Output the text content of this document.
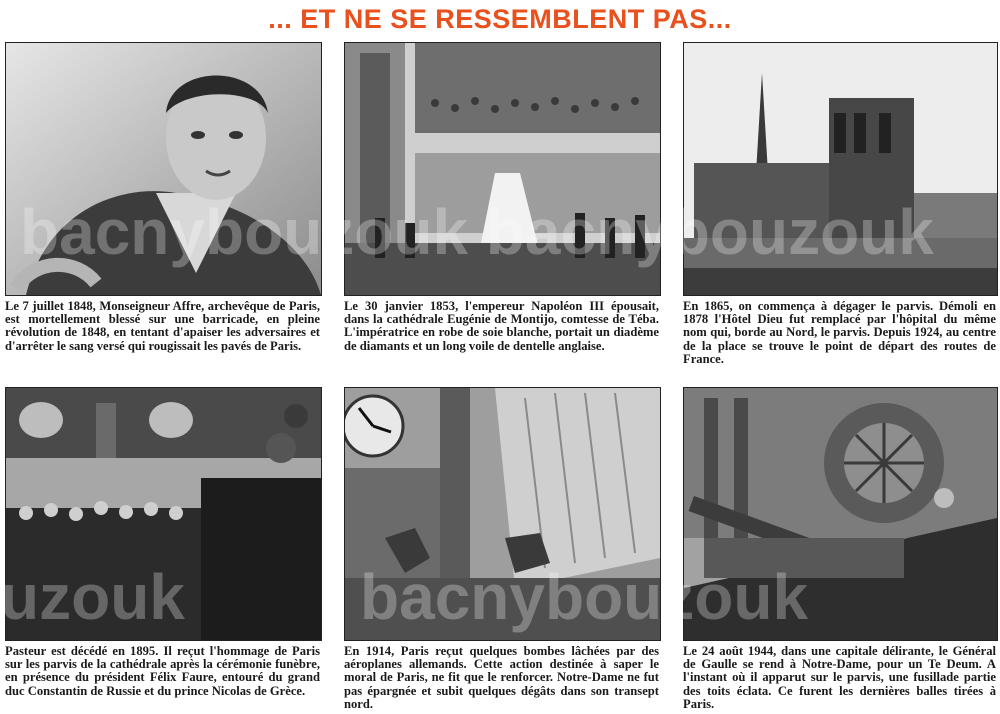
... ET NE SE RESSEMBLENT PAS...
Le 7 juillet 1848, Monseigneur Affre, archevêque de Paris, est mortellement blessé sur une barricade, en pleine révolution de 1848, en tentant d'apaiser les adversaires et d'arrêter le sang versé qui rougissait les pavés de Paris.
Le 30 janvier 1853, l'empereur Napoléon III épousait, dans la cathédrale Eugénie de Montijo, comtesse de Téba. L'impératrice en robe de soie blanche, portait un diadème de diamants et un long voile de dentelle anglaise.
En 1865, on commença à dégager le parvis. Démoli en 1878 l'Hôtel Dieu fut remplacé par l'hôpital du même nom qui, borde au Nord, le parvis. Depuis 1924, au centre de la place se trouve le point de départ des routes de France.
Pasteur est décédé en 1895. Il reçut l'hommage de Paris sur les parvis de la cathédrale après la cérémonie funèbre, en présence du président Félix Faure, entouré du grand duc Constantin de Russie et du prince Nicolas de Grèce.
En 1914, Paris reçut quelques bombes lâchées par des aéroplanes allemands. Cette action destinée à saper le moral de Paris, ne fit que le renforcer. Notre-Dame ne fut pas épargnée et subit quelques dégâts dans son transept nord.
Le 24 août 1944, dans une capitale délirante, le Général de Gaulle se rend à Notre-Dame, pour un Te Deum. A l'instant où il apparut sur le parvis, une fusillade partie des toits éclata. Ce furent les dernières balles tirées à Paris.
bacnybouzouk bacnybouzouk
uzouk	bacnybouzouk
